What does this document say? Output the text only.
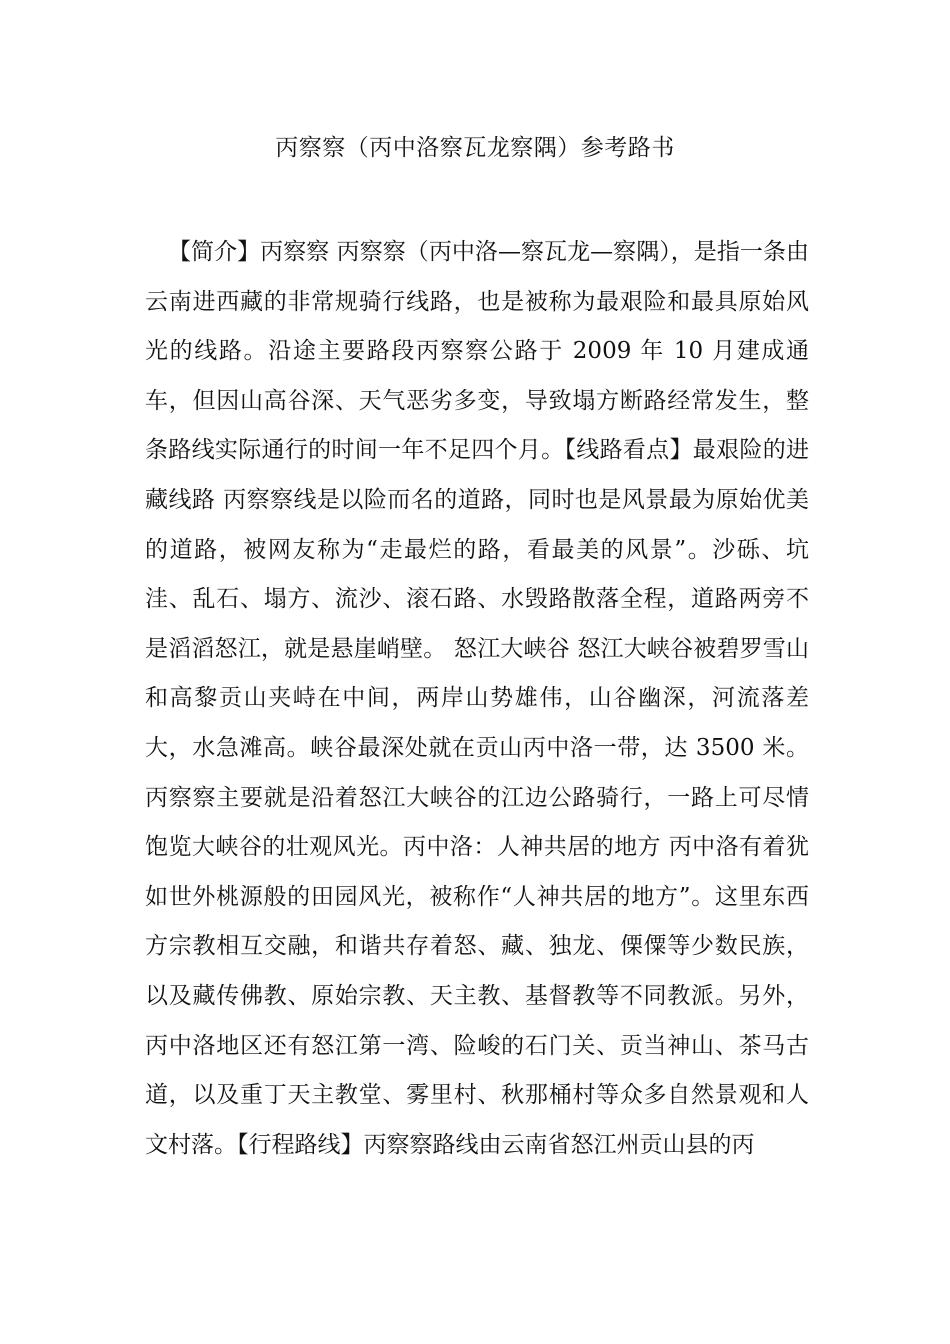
丙察察（丙中洛察瓦龙察隅）参考路书

【简介】丙察察 丙察察（丙中洛—察瓦龙—察隅），是指一条由云南进西藏的非常规骑行线路，也是被称为最艰险和最具原始风光的线路。沿途主要路段丙察察公路于 2009 年 10 月建成通车，但因山高谷深、天气恶劣多变，导致塌方断路经常发生，整条路线实际通行的时间一年不足四个月。【线路看点】最艰险的进藏线路 丙察察线是以险而名的道路，同时也是风景最为原始优美的道路，被网友称为“走最烂的路，看最美的风景”。沙砾、坑洼、乱石、塌方、流沙、滚石路、水毁路散落全程，道路两旁不是滔滔怒江，就是悬崖峭壁。 怒江大峡谷 怒江大峡谷被碧罗雪山和高黎贡山夹峙在中间，两岸山势雄伟，山谷幽深，河流落差大，水急滩高。峡谷最深处就在贡山丙中洛一带，达 3500 米。丙察察主要就是沿着怒江大峡谷的江边公路骑行，一路上可尽情饱览大峡谷的壮观风光。丙中洛：人神共居的地方 丙中洛有着犹如世外桃源般的田园风光，被称作“人神共居的地方”。这里东西方宗教相互交融，和谐共存着怒、藏、独龙、傈僳等少数民族，以及藏传佛教、原始宗教、天主教、基督教等不同教派。另外，丙中洛地区还有怒江第一湾、险峻的石门关、贡当神山、茶马古道，以及重丁天主教堂、雾里村、秋那桶村等众多自然景观和人文村落。【行程路线】丙察察路线由云南省怒江州贡山县的丙
